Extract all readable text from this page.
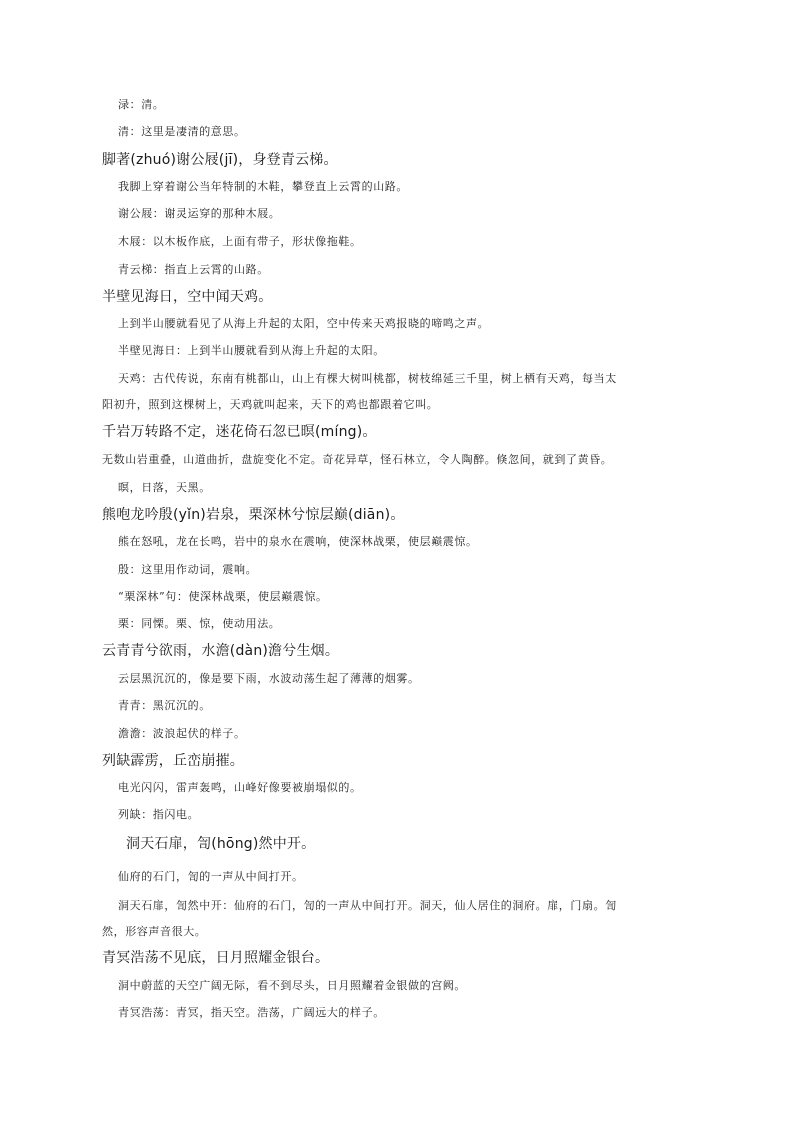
渌：清。
清：这里是凄清的意思。
脚著(zhuó)谢公屐(jī)，身登青云梯。
我脚上穿着谢公当年特制的木鞋，攀登直上云霄的山路。
谢公屐：谢灵运穿的那种木屐。
木屐：以木板作底，上面有带子，形状像拖鞋。
青云梯：指直上云霄的山路。
半壁见海日，空中闻天鸡。
上到半山腰就看见了从海上升起的太阳，空中传来天鸡报晓的啼鸣之声。
半壁见海日：上到半山腰就看到从海上升起的太阳。
天鸡：古代传说，东南有桃都山，山上有棵大树叫桃都，树枝绵延三千里，树上栖有天鸡，每当太
阳初升，照到这棵树上，天鸡就叫起来，天下的鸡也都跟着它叫。
千岩万转路不定，迷花倚石忽已暝(míng)。
无数山岩重叠，山道曲折，盘旋变化不定。奇花异草，怪石林立，令人陶醉。倏忽间，就到了黄昏。
暝，日落，天黑。
熊咆龙吟殷(yǐn)岩泉，栗深林兮惊层巅(diān)。
熊在怒吼，龙在长鸣，岩中的泉水在震响，使深林战栗，使层巅震惊。
殷：这里用作动词，震响。
“栗深林”句：使深林战栗，使层巅震惊。
栗：同慄。栗、惊，使动用法。
云青青兮欲雨，水澹(dàn)澹兮生烟。
云层黑沉沉的，像是要下雨，水波动荡生起了薄薄的烟雾。
青青：黑沉沉的。
澹澹：波浪起伏的样子。
列缺霹雳，丘峦崩摧。
电光闪闪，雷声轰鸣，山峰好像要被崩塌似的。
列缺：指闪电。
洞天石扉，訇(hōng)然中开。
仙府的石门，訇的一声从中间打开。
洞天石扉，訇然中开：仙府的石门，訇的一声从中间打开。洞天，仙人居住的洞府。扉，门扇。訇
然，形容声音很大。
青冥浩荡不见底，日月照耀金银台。
洞中蔚蓝的天空广阔无际，看不到尽头，日月照耀着金银做的宫阙。
青冥浩荡：青冥，指天空。浩荡，广阔远大的样子。
